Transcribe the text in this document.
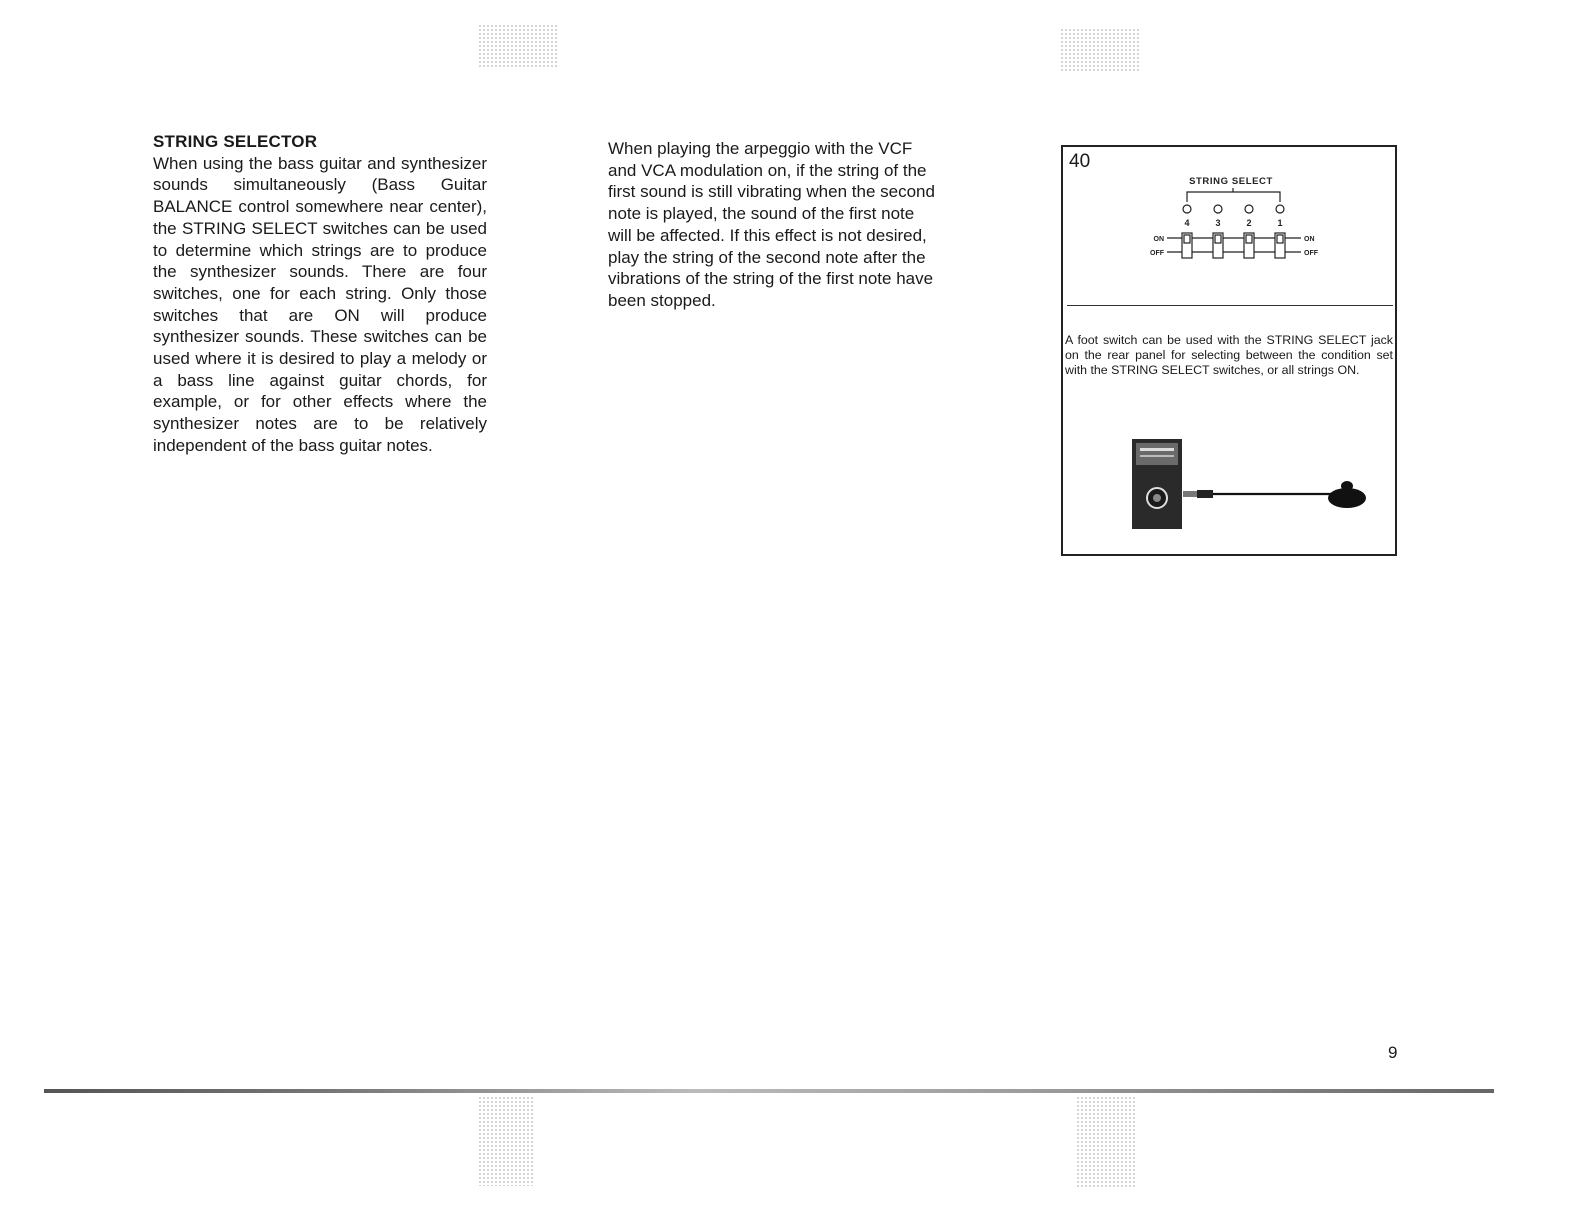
STRING SELECTOR
When using the bass guitar and synthesizer sounds simultaneously (Bass Guitar BALANCE control somewhere near center), the STRING SELECT switches can be used to determine which strings are to produce the synthesizer sounds. There are four switches, one for each string. Only those switches that are ON will produce synthesizer sounds. These switches can be used where it is desired to play a melody or a bass line against guitar chords, for example, or for other effects where the synthesizer notes are to be relatively independent of the bass guitar notes.
When playing the arpeggio with the VCF and VCA modulation on, if the string of the first sound is still vibrating when the second note is played, the sound of the first note will be affected. If this effect is not desired, play the string of the second note after the vibrations of the string of the first note have been stopped.
40
STRING SELECT
4	3	2	1
ON
OFF
ON
OFF
A foot switch can be used with the STRING SELECT jack on the rear panel for selecting between the condition set with the STRING SELECT switches, or all strings ON.
9
